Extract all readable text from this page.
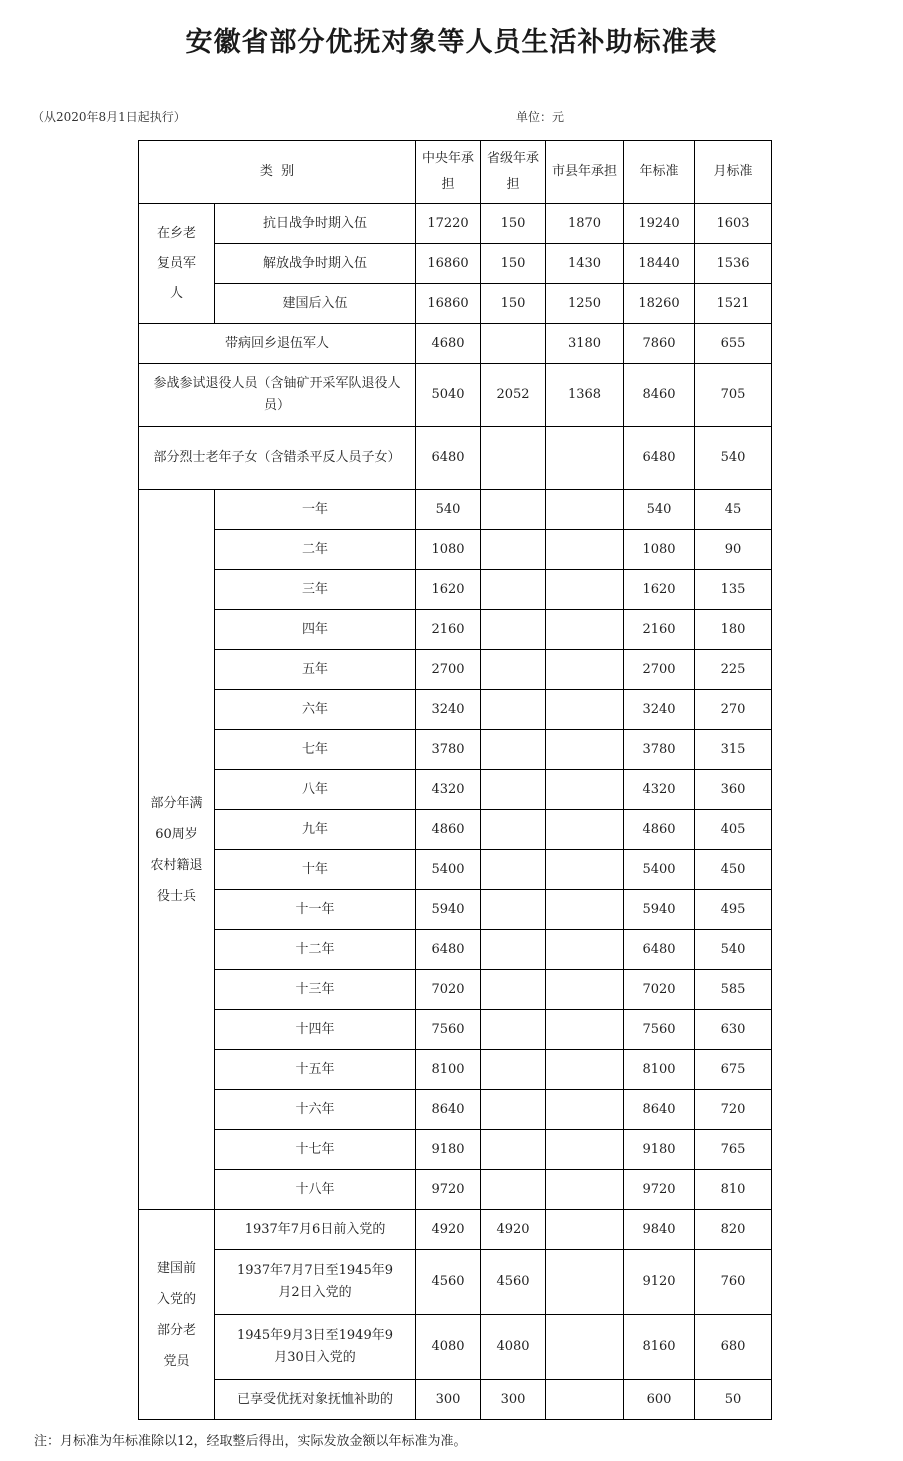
安徽省部分优抚对象等人员生活补助标准表
（从2020年8月1日起执行）	单位：元
类  别		中央年承担	省级年承担	市县年承担	年标准	月标准
在乡老复员军人	抗日战争时期入伍	17220	150	1870	19240	1603
	解放战争时期入伍	16860	150	1430	18440	1536
	建国后入伍	16860	150	1250	18260	1521
带病回乡退伍军人		4680		3180	7860	655
参战参试退役人员（含铀矿开采军队退役人员）		5040	2052	1368	8460	705
部分烈士老年子女（含错杀平反人员子女）		6480			6480	540
部分年满60周岁农村籍退役士兵	一年	540			540	45
	二年	1080			1080	90
	三年	1620			1620	135
	四年	2160			2160	180
	五年	2700			2700	225
	六年	3240			3240	270
	七年	3780			3780	315
	八年	4320			4320	360
	九年	4860			4860	405
	十年	5400			5400	450
	十一年	5940			5940	495
	十二年	6480			6480	540
	十三年	7020			7020	585
	十四年	7560			7560	630
	十五年	8100			8100	675
	十六年	8640			8640	720
	十七年	9180			9180	765
	十八年	9720			9720	810
建国前入党的部分老党员	1937年7月6日前入党的	4920	4920		9840	820
	1937年7月7日至1945年9月2日入党的	4560	4560		9120	760
	1945年9月3日至1949年9月30日入党的	4080	4080		8160	680
	已享受优抚对象抚恤补助的	300	300		600	50
注：月标准为年标准除以12，经取整后得出，实际发放金额以年标准为准。
